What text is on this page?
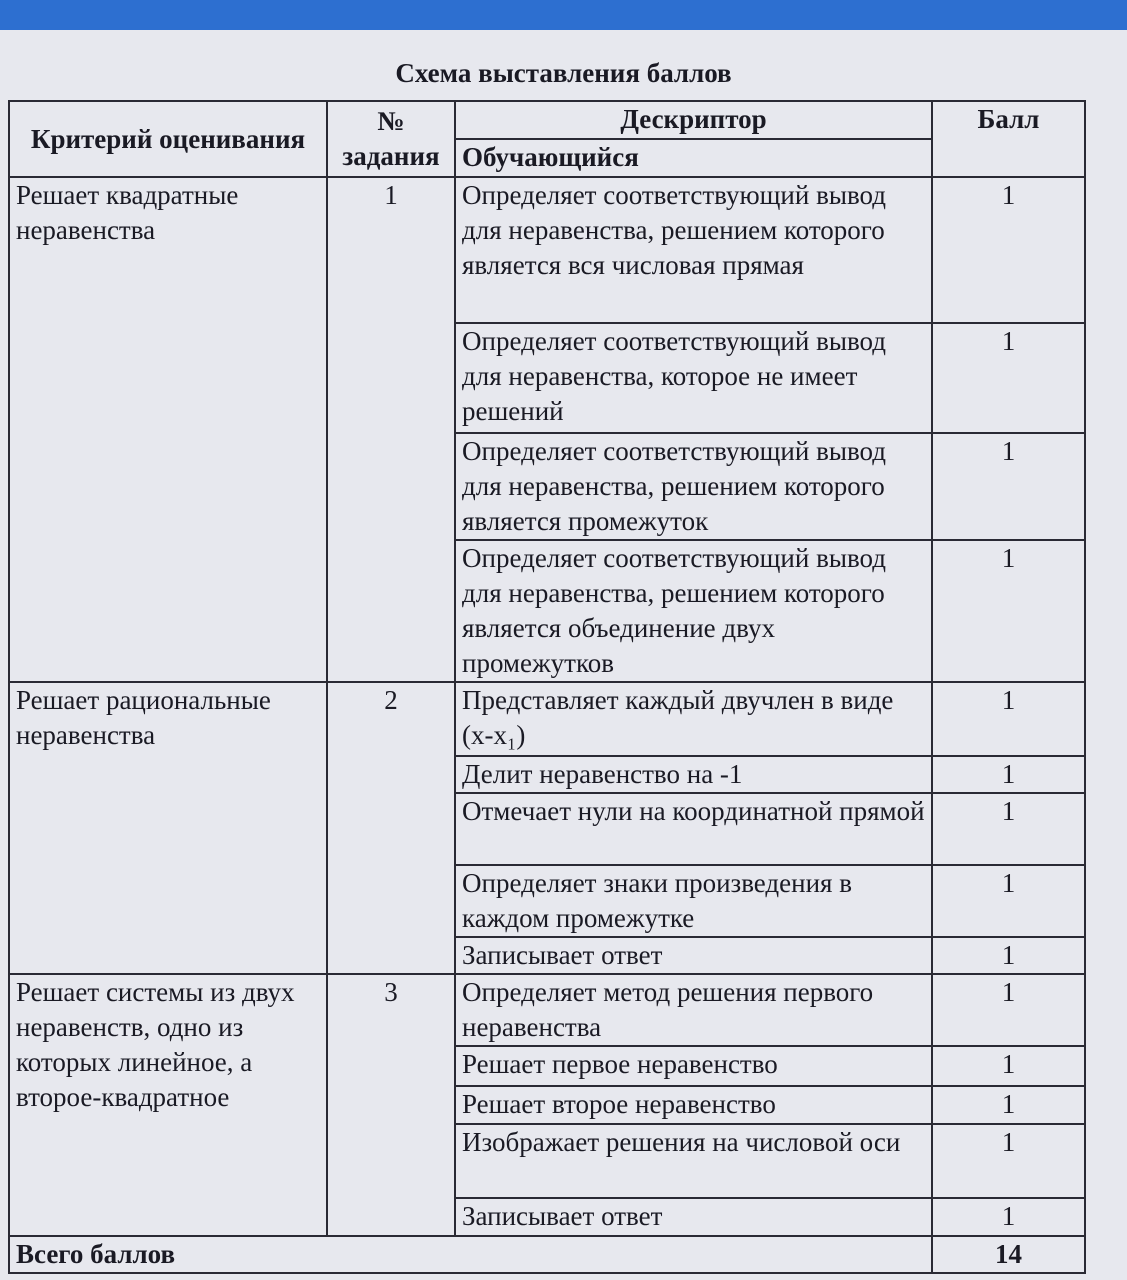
Схема выставления баллов
Критерий оценивания	№ задания	Дескриптор	Балл
		Обучающийся	
Решает квадратные неравенства	1	Определяет соответствующий вывод для неравенства, решением которого является вся числовая прямая	1
		Определяет соответствующий вывод для неравенства, которое не имеет решений	1
		Определяет соответствующий вывод для неравенства, решением которого является промежуток	1
		Определяет соответствующий вывод для неравенства, решением которого является объединение двух промежутков	1
Решает рациональные неравенства	2	Представляет каждый двучлен в виде (х-х₁)	1
		Делит неравенство на -1	1
		Отмечает нули на координатной прямой	1
		Определяет знаки произведения в каждом промежутке	1
		Записывает ответ	1
Решает системы из двух неравенств, одно из которых линейное, а второе-квадратное	3	Определяет метод решения первого неравенства	1
		Решает первое неравенство	1
		Решает второе неравенство	1
		Изображает решения на числовой оси	1
		Записывает ответ	1
Всего баллов			14
